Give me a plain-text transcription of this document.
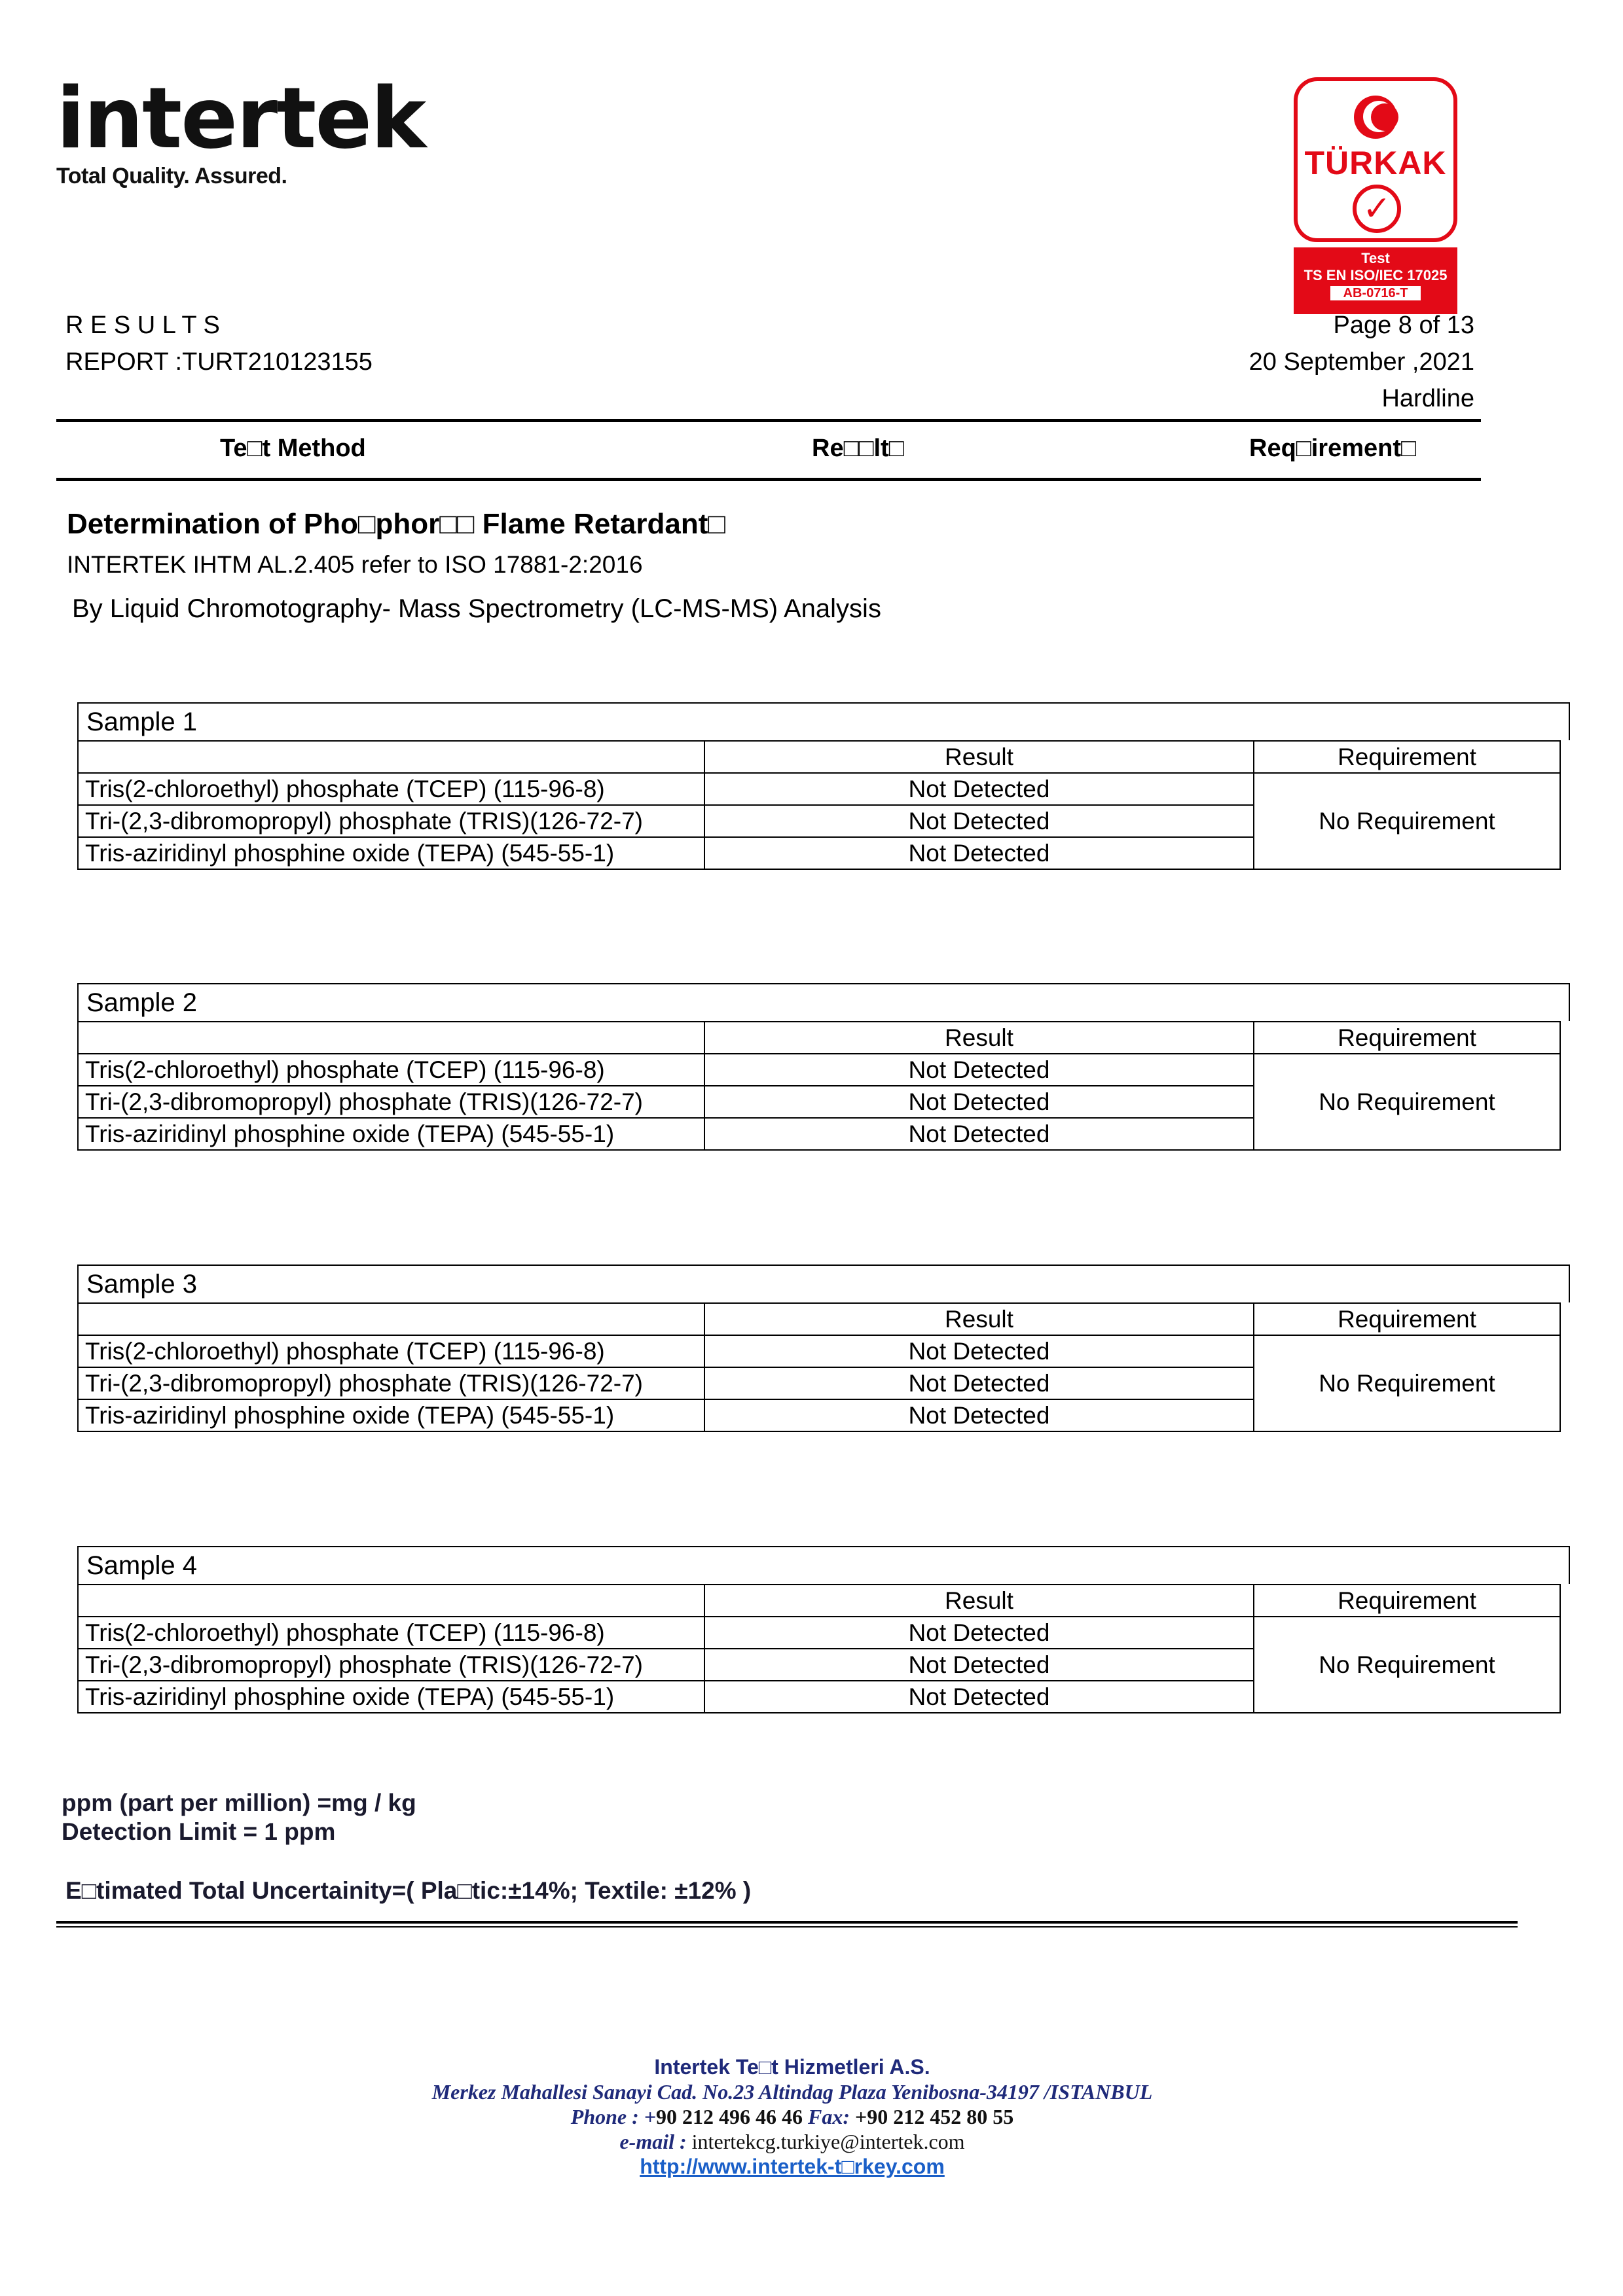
intertek
Total Quality. Assured.	TÜRKAK
✓
Test
TS EN ISO/IEC 17025
AB-0716-T
R E S U L T S
REPORT :TURT210123155
Page 8 of 13
20 September ,2021
Hardline
Te□t Method	Re□□lt□	Req□irement□
Determination of Pho□phor□□ Flame Retardant□
INTERTEK IHTM AL.2.405 refer to ISO 17881-2:2016
By Liquid Chromotography- Mass Spectrometry (LC-MS-MS) Analysis
Sample 1
	Result	Requirement
Tris(2-chloroethyl) phosphate (TCEP) (115-96-8)	Not Detected	No Requirement
Tri-(2,3-dibromopropyl) phosphate (TRIS)(126-72-7)	Not Detected	
Tris-aziridinyl phosphine oxide (TEPA) (545-55-1)	Not Detected	
Sample 2
	Result	Requirement
Tris(2-chloroethyl) phosphate (TCEP) (115-96-8)	Not Detected	No Requirement
Tri-(2,3-dibromopropyl) phosphate (TRIS)(126-72-7)	Not Detected	
Tris-aziridinyl phosphine oxide (TEPA) (545-55-1)	Not Detected	
Sample 3
	Result	Requirement
Tris(2-chloroethyl) phosphate (TCEP) (115-96-8)	Not Detected	No Requirement
Tri-(2,3-dibromopropyl) phosphate (TRIS)(126-72-7)	Not Detected	
Tris-aziridinyl phosphine oxide (TEPA) (545-55-1)	Not Detected	
Sample 4
	Result	Requirement
Tris(2-chloroethyl) phosphate (TCEP) (115-96-8)	Not Detected	No Requirement
Tri-(2,3-dibromopropyl) phosphate (TRIS)(126-72-7)	Not Detected	
Tris-aziridinyl phosphine oxide (TEPA) (545-55-1)	Not Detected	
ppm (part per million) =mg / kg
Detection Limit = 1 ppm
E□timated Total Uncertainity=( Pla□tic:±14%; Textile: ±12% )
Intertek Te□t Hizmetleri A.S.
Merkez Mahallesi Sanayi Cad. No.23 Altindag Plaza Yenibosna-34197 /ISTANBUL
Phone : +90 212 496 46 46 Fax: +90 212 452 80 55
e-mail : intertekcg.turkiye@intertek.com
http://www.intertek-t□rkey.com
